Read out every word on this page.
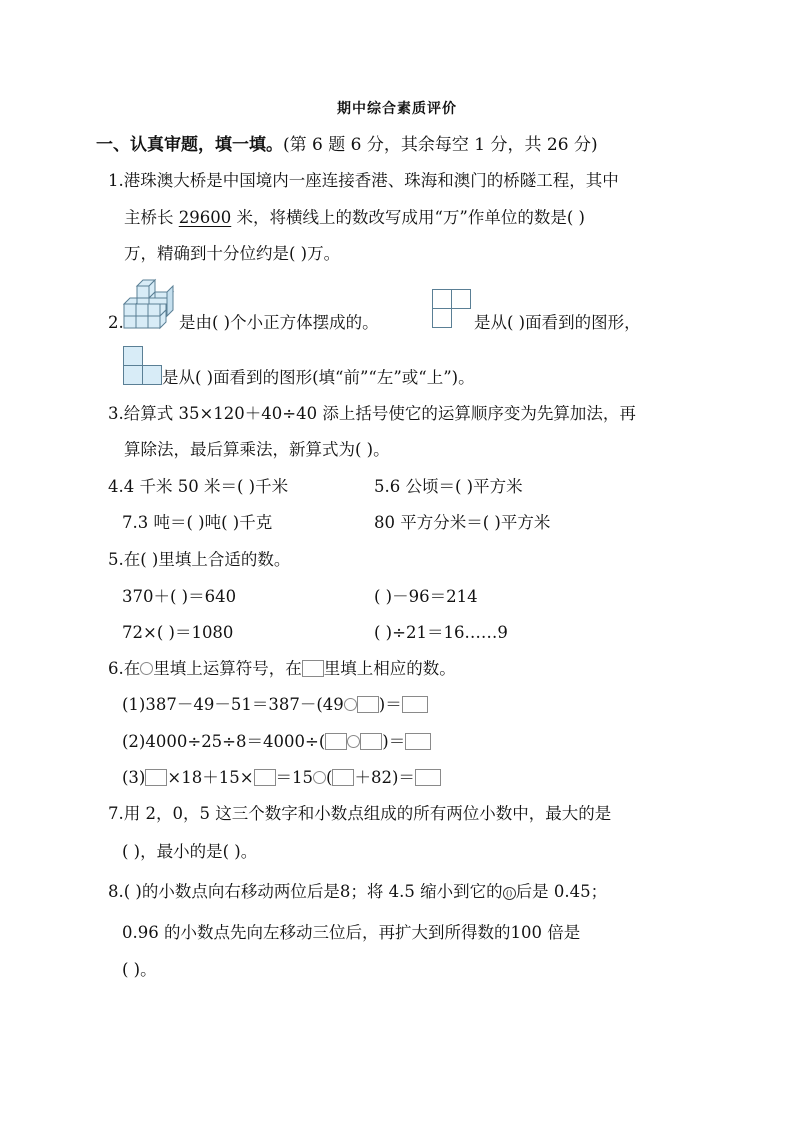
期中综合素质评价
一、认真审题，填一填。(第 6 题 6 分，其余每空 1 分，共 26 分)
1.港珠澳大桥是中国境内一座连接香港、珠海和澳门的桥隧工程，其中
主桥长 29600 米，将横线上的数改写成用“万”作单位的数是( )
万，精确到十分位约是( )万。
2.	是由( )个小正方体摆成的。	是从( )面看到的图形，
是从( )面看到的图形(填“前”“左”或“上”)。
3.给算式 35×120＋40÷40 添上括号使它的运算顺序变为先算加法，再
算除法，最后算乘法，新算式为( )。
4.4 千米 50 米＝( )千米	5.6 公顷＝( )平方米
7.3 吨＝( )吨( )千克	80 平方分米＝( )平方米
5.在( )里填上合适的数。
370＋( )＝640	( )－96＝214
72×( )＝1080	( )÷21＝16……9
6.在 里填上运算符号，在 里填上相应的数。
(1)387－49－51＝387－(49 )＝
(2)4000÷25÷8＝4000÷(	)＝
(3) ×18＋15× ＝15 ( ＋82)＝
7.用 2，0，5 这三个数字和小数点组成的所有两位小数中，最大的是
( )，最小的是( )。
8.( )的小数点向右移动两位后是8；将 4.5 缩小到它的 () 后是 0.45；
0.96 的小数点先向左移动三位后，再扩大到所得数的100 倍是
( )。
